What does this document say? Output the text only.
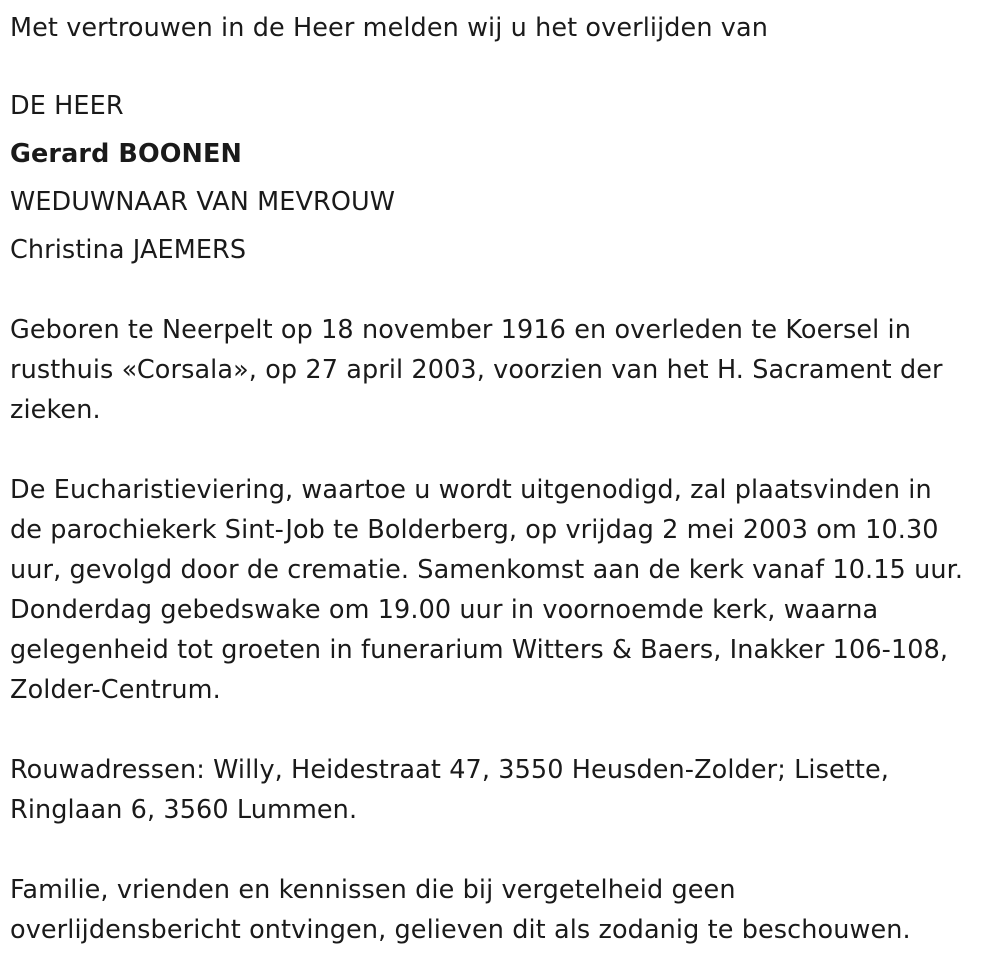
Met vertrouwen in de Heer melden wij u het overlijden van
DE HEER
Gerard BOONEN
WEDUWNAAR VAN MEVROUW
Christina JAEMERS
Geboren te Neerpelt op 18 november 1916 en overleden te Koersel in
rusthuis «Corsala», op 27 april 2003, voorzien van het H. Sacrament der
zieken.
De Eucharistieviering, waartoe u wordt uitgenodigd, zal plaatsvinden in
de parochiekerk Sint-Job te Bolderberg, op vrijdag 2 mei 2003 om 10.30
uur, gevolgd door de crematie. Samenkomst aan de kerk vanaf 10.15 uur.
Donderdag gebedswake om 19.00 uur in voornoemde kerk, waarna
gelegenheid tot groeten in funerarium Witters & Baers, Inakker 106-108,
Zolder-Centrum.
Rouwadressen: Willy, Heidestraat 47, 3550 Heusden-Zolder; Lisette,
Ringlaan 6, 3560 Lummen.
Familie, vrienden en kennissen die bij vergetelheid geen
overlijdensbericht ontvingen, gelieven dit als zodanig te beschouwen.
